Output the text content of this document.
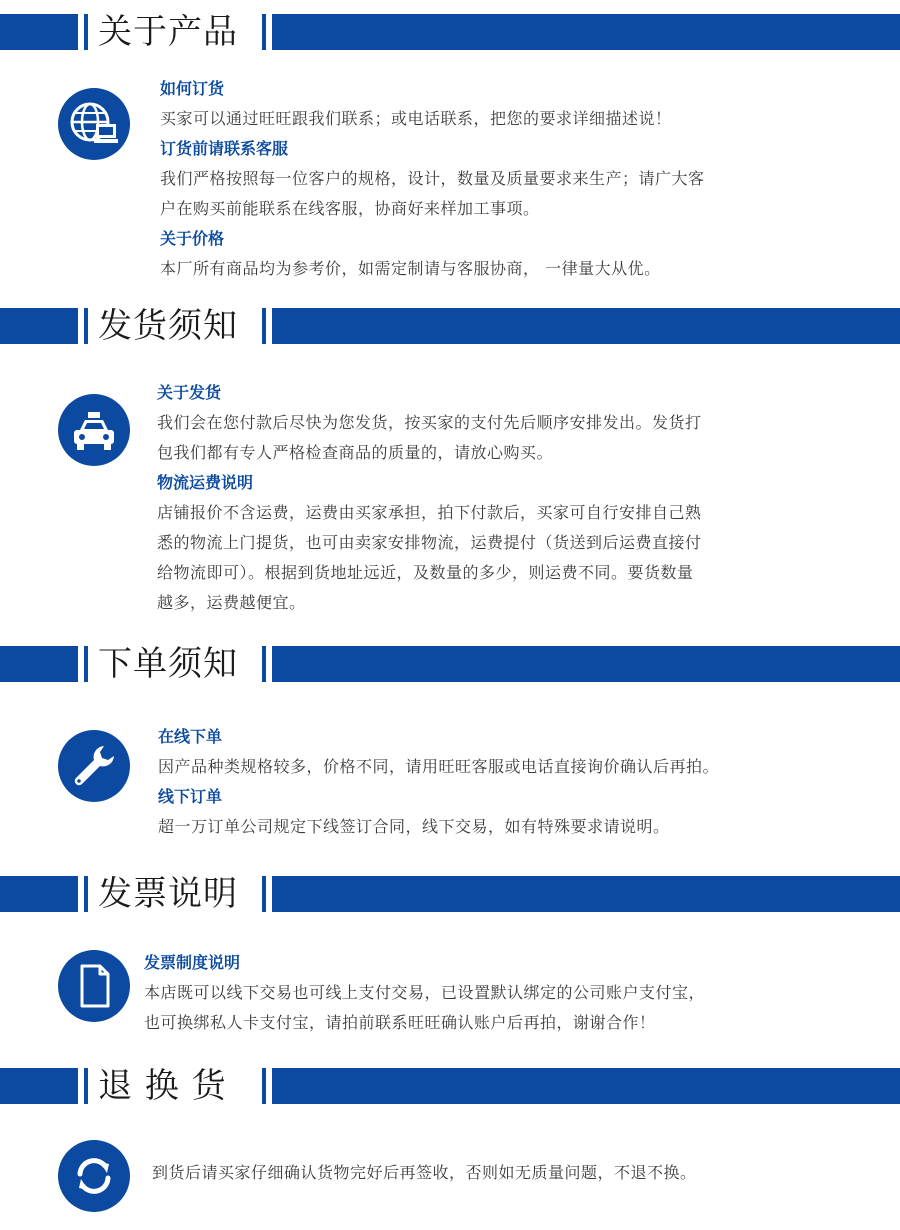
关于产品
如何订货
买家可以通过旺旺跟我们联系；或电话联系，把您的要求详细描述说！
订货前请联系客服
我们严格按照每一位客户的规格，设计，数量及质量要求来生产；请广大客
户在购买前能联系在线客服，协商好来样加工事项。
关于价格
本厂所有商品均为参考价，如需定制请与客服协商， 一律量大从优。
发货须知
关于发货
我们会在您付款后尽快为您发货，按买家的支付先后顺序安排发出。发货打
包我们都有专人严格检查商品的质量的，请放心购买。
物流运费说明
店铺报价不含运费，运费由买家承担，拍下付款后，买家可自行安排自己熟
悉的物流上门提货，也可由卖家安排物流，运费提付（货送到后运费直接付
给物流即可）。根据到货地址远近，及数量的多少，则运费不同。要货数量
越多，运费越便宜。
下单须知
在线下单
因产品种类规格较多，价格不同，请用旺旺客服或电话直接询价确认后再拍。
线下订单
超一万订单公司规定下线签订合同，线下交易，如有特殊要求请说明。
发票说明
发票制度说明
本店既可以线下交易也可线上支付交易，已设置默认绑定的公司账户支付宝，
也可换绑私人卡支付宝，请拍前联系旺旺确认账户后再拍，谢谢合作！
退 换 货
到货后请买家仔细确认货物完好后再签收，否则如无质量问题，不退不换。
